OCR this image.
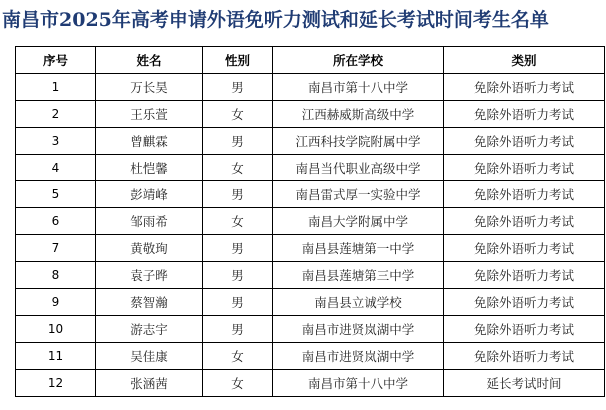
南昌市2025年高考申请外语免听力测试和延长考试时间考生名单
序号	姓名	性别	所在学校	类别
1	万长昊	男	南昌市第十八中学	免除外语听力考试
2	王乐萱	女	江西赫威斯高级中学	免除外语听力考试
3	曾麒霖	男	江西科技学院附属中学	免除外语听力考试
4	杜恺馨	女	南昌当代职业高级中学	免除外语听力考试
5	彭靖峰	男	南昌雷式厚一实验中学	免除外语听力考试
6	邹雨希	女	南昌大学附属中学	免除外语听力考试
7	黄敬珣	男	南昌县莲塘第一中学	免除外语听力考试
8	袁子晔	男	南昌县莲塘第三中学	免除外语听力考试
9	蔡智瀚	男	南昌县立诚学校	免除外语听力考试
10	游志宇	男	南昌市进贤岚湖中学	免除外语听力考试
11	吴佳康	女	南昌市进贤岚湖中学	免除外语听力考试
12	张涵茜	女	南昌市第十八中学	延长考试时间
